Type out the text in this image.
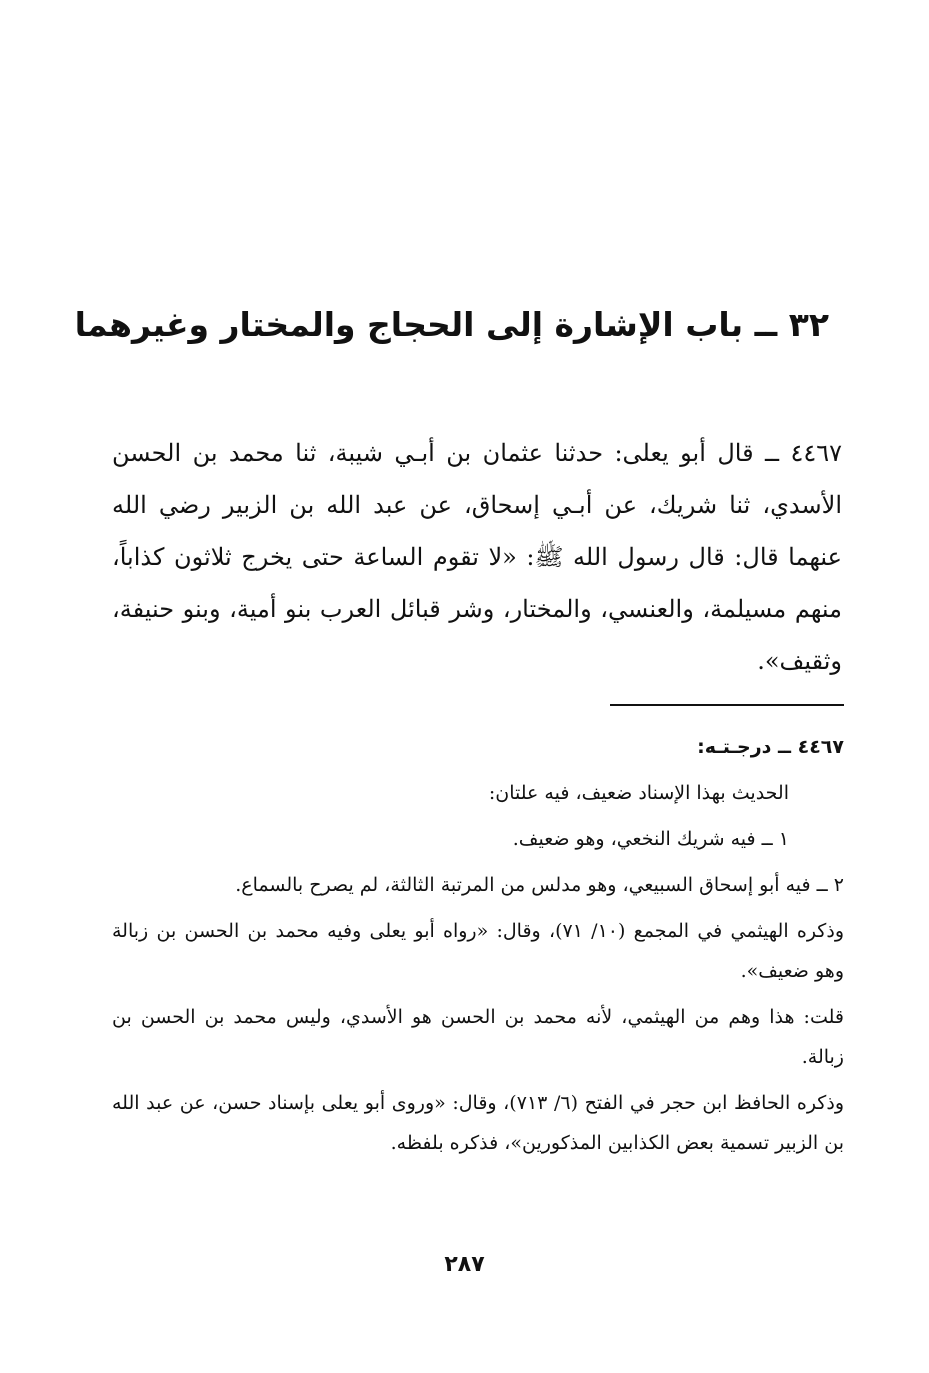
٣٢ ــ باب الإشارة إلى الحجاج والمختار وغيرهما

٤٤٦٧ ــ قال أبو يعلى: حدثنا عثمان بن أبـي شيبة، ثنا محمد بن الحسن الأسدي، ثنا شريك، عن أبـي إسحاق، عن عبد الله بن الزبير رضي الله عنهما قال: قال رسول الله ﷺ: «لا تقوم الساعة حتى يخرج ثلاثون كذاباً، منهم مسيلمة، والعنسي، والمختار، وشر قبائل العرب بنو أمية، وبنو حنيفة، وثقيف».

٤٤٦٧ ــ درجـتـه:

الحديث بهذا الإسناد ضعيف، فيه علتان:

١ ــ فيه شريك النخعي، وهو ضعيف.

٢ ــ فيه أبو إسحاق السبيعي، وهو مدلس من المرتبة الثالثة، لم يصرح بالسماع.

وذكره الهيثمي في المجمع (١٠/ ٧١)، وقال: «رواه أبو يعلى وفيه محمد بن الحسن بن زبالة وهو ضعيف».

قلت: هذا وهم من الهيثمي، لأنه محمد بن الحسن هو الأسدي، وليس محمد بن الحسن بن زبالة.

وذكره الحافظ ابن حجر في الفتح (٦/ ٧١٣)، وقال: «وروى أبو يعلى بإسناد حسن، عن عبد الله بن الزبير تسمية بعض الكذابين المذكورين»، فذكره بلفظه.

٢٨٧
